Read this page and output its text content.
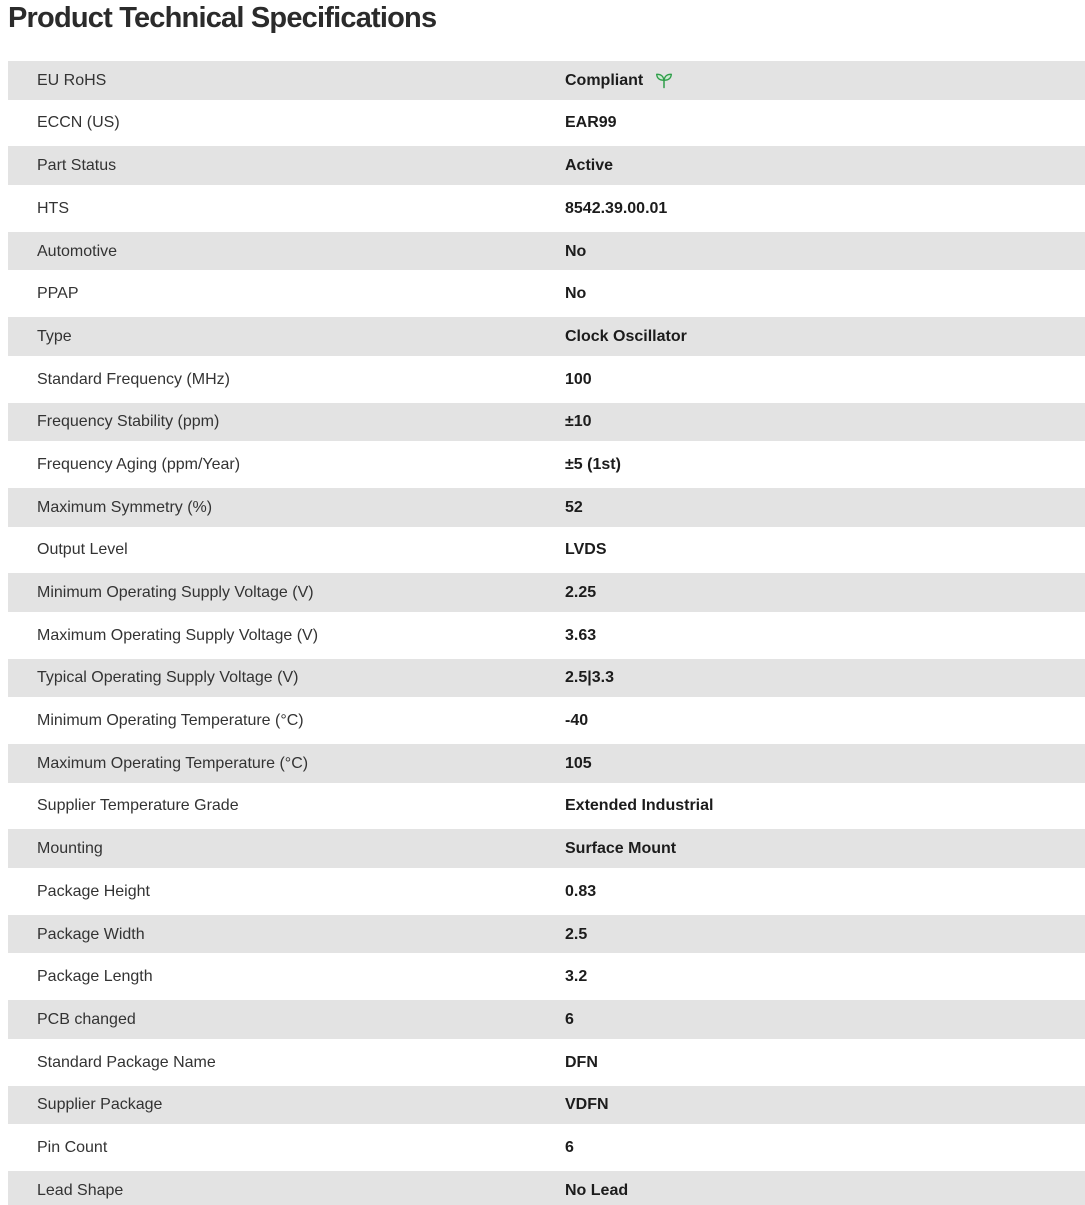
Product Technical Specifications
EU RoHS	Compliant
ECCN (US)	EAR99
Part Status	Active
HTS	8542.39.00.01
Automotive	No
PPAP	No
Type	Clock Oscillator
Standard Frequency (MHz)	100
Frequency Stability (ppm)	±10
Frequency Aging (ppm/Year)	±5 (1st)
Maximum Symmetry (%)	52
Output Level	LVDS
Minimum Operating Supply Voltage (V)	2.25
Maximum Operating Supply Voltage (V)	3.63
Typical Operating Supply Voltage (V)	2.5|3.3
Minimum Operating Temperature (°C)	-40
Maximum Operating Temperature (°C)	105
Supplier Temperature Grade	Extended Industrial
Mounting	Surface Mount
Package Height	0.83
Package Width	2.5
Package Length	3.2
PCB changed	6
Standard Package Name	DFN
Supplier Package	VDFN
Pin Count	6
Lead Shape	No Lead
